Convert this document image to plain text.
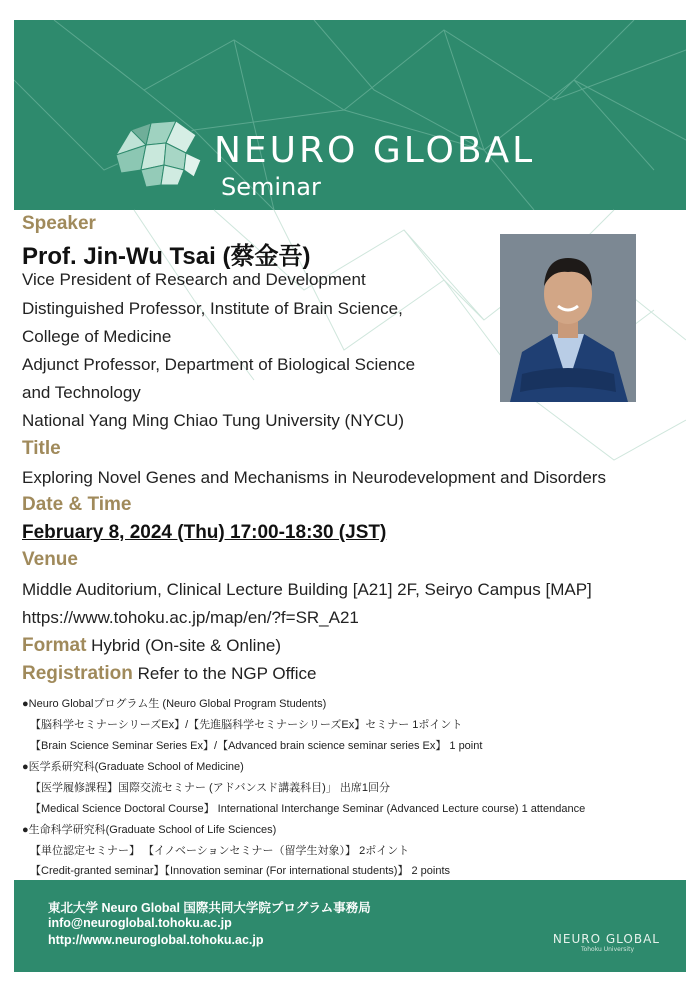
NEURO GLOBAL
Seminar
Speaker
Prof. Jin-Wu Tsai (蔡金吾)
Vice President of Research and Development
Distinguished Professor, Institute of Brain Science,
College of Medicine
Adjunct Professor, Department of Biological Science
and Technology
National Yang Ming Chiao Tung University (NYCU)
Title
Exploring Novel Genes and Mechanisms in Neurodevelopment and Disorders
Date & Time
February 8, 2024 (Thu) 17:00-18:30 (JST)
Venue
Middle Auditorium, Clinical Lecture Building [A21] 2F, Seiryo Campus [MAP]
https://www.tohoku.ac.jp/map/en/?f=SR_A21
Format Hybrid (On-site & Online)
Registration Refer to the NGP Office
●Neuro Globalプログラム生 (Neuro Global Program Students)
【脳科学セミナーシリーズEx】/【先進脳科学セミナーシリーズEx】セミナー 1ポイント
【Brain Science Seminar Series Ex】/【Advanced brain science seminar series Ex】 1 point
●医学系研究科(Graduate School of Medicine)
【医学履修課程】国際交流セミナー (アドバンスド講義科目)」 出席1回分
【Medical Science Doctoral Course】 International Interchange Seminar (Advanced Lecture course) 1 attendance
●生命科学研究科(Graduate School of Life Sciences)
【単位認定セミナー】 【イノベーションセミナー（留学生対象）】 2ポイント
【Credit-granted seminar】【Innovation seminar (For international students)】 2 points
東北大学 Neuro Global 国際共同大学院プログラム事務局
info@neuroglobal.tohoku.ac.jp
http://www.neuroglobal.tohoku.ac.jp	NEURO GLOBAL
Tohoku University
